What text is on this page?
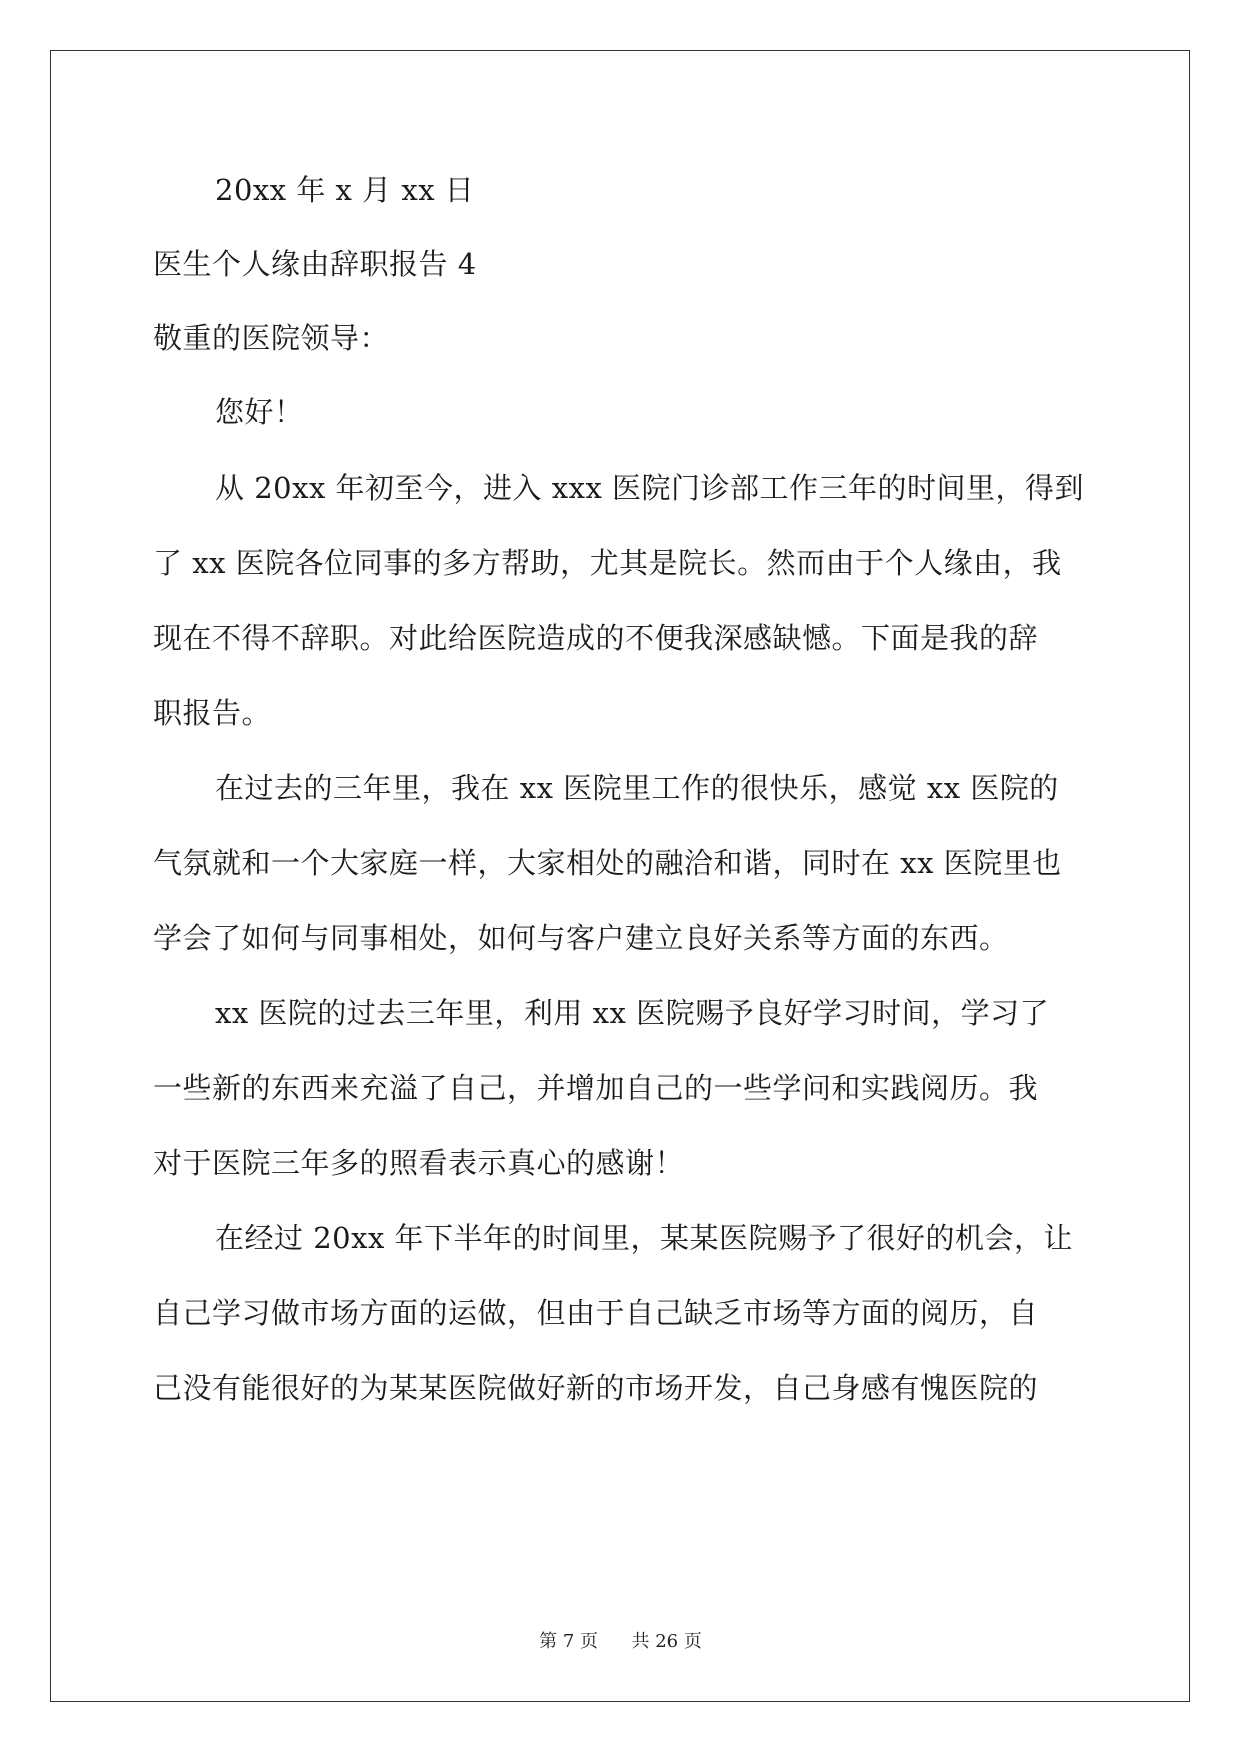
20xx 年 x 月 xx 日
医生个人缘由辞职报告 4
敬重的医院领导：
您好！
从 20xx 年初至今，进入 xxx 医院门诊部工作三年的时间里，得到
了 xx 医院各位同事的多方帮助，尤其是院长。然而由于个人缘由，我
现在不得不辞职。对此给医院造成的不便我深感缺憾。下面是我的辞
职报告。
在过去的三年里，我在 xx 医院里工作的很快乐，感觉 xx 医院的
气氛就和一个大家庭一样，大家相处的融洽和谐，同时在 xx 医院里也
学会了如何与同事相处，如何与客户建立良好关系等方面的东西。
xx 医院的过去三年里，利用 xx 医院赐予良好学习时间，学习了
一些新的东西来充溢了自己，并增加自己的一些学问和实践阅历。我
对于医院三年多的照看表示真心的感谢！
在经过 20xx 年下半年的时间里，某某医院赐予了很好的机会，让
自己学习做市场方面的运做，但由于自己缺乏市场等方面的阅历，自
己没有能很好的为某某医院做好新的市场开发，自己身感有愧医院的
第 7 页 共 26 页
